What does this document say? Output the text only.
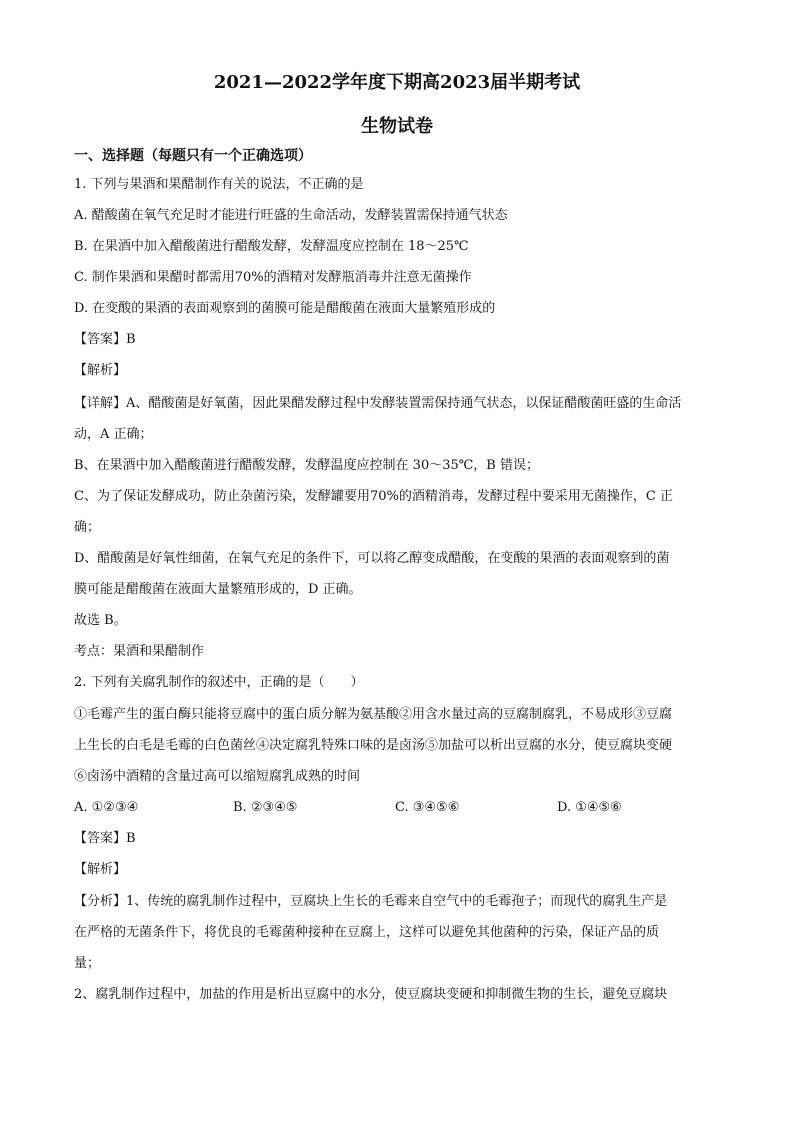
2021—2022学年度下期高2023届半期考试
生物试卷
一、选择题（每题只有一个正确选项）
1. 下列与果酒和果醋制作有关的说法，不正确的是
A. 醋酸菌在氧气充足时才能进行旺盛的生命活动，发酵装置需保持通气状态
B. 在果酒中加入醋酸菌进行醋酸发酵，发酵温度应控制在 18～25℃
C. 制作果酒和果醋时都需用70%的酒精对发酵瓶消毒并注意无菌操作
D. 在变酸的果酒的表面观察到的菌膜可能是醋酸菌在液面大量繁殖形成的
【答案】B
【解析】
【详解】A、醋酸菌是好氧菌，因此果醋发酵过程中发酵装置需保持通气状态，以保证醋酸菌旺盛的生命活
动，A 正确；
B、在果酒中加入醋酸菌进行醋酸发酵，发酵温度应控制在 30～35℃，B 错误；
C、为了保证发酵成功，防止杂菌污染，发酵罐要用70%的酒精消毒，发酵过程中要采用无菌操作，C 正
确；
D、醋酸菌是好氧性细菌，在氧气充足的条件下，可以将乙醇变成醋酸，在变酸的果酒的表面观察到的菌
膜可能是醋酸菌在液面大量繁殖形成的，D 正确。
故选 B。
考点：果酒和果醋制作
2. 下列有关腐乳制作的叙述中，正确的是（　　）
①毛霉产生的蛋白酶只能将豆腐中的蛋白质分解为氨基酸②用含水量过高的豆腐制腐乳，不易成形③豆腐
上生长的白毛是毛霉的白色菌丝④决定腐乳特殊口味的是卤汤⑤加盐可以析出豆腐的水分，使豆腐块变硬
⑥卤汤中酒精的含量过高可以缩短腐乳成熟的时间
A. ①②③④	B. ②③④⑤	C. ③④⑤⑥	D. ①④⑤⑥
【答案】B
【解析】
【分析】1、传统的腐乳制作过程中，豆腐块上生长的毛霉来自空气中的毛霉孢子；而现代的腐乳生产是
在严格的无菌条件下，将优良的毛霉菌种接种在豆腐上，这样可以避免其他菌种的污染，保证产品的质
量；
2、腐乳制作过程中，加盐的作用是析出豆腐中的水分，使豆腐块变硬和抑制微生物的生长，避免豆腐块
